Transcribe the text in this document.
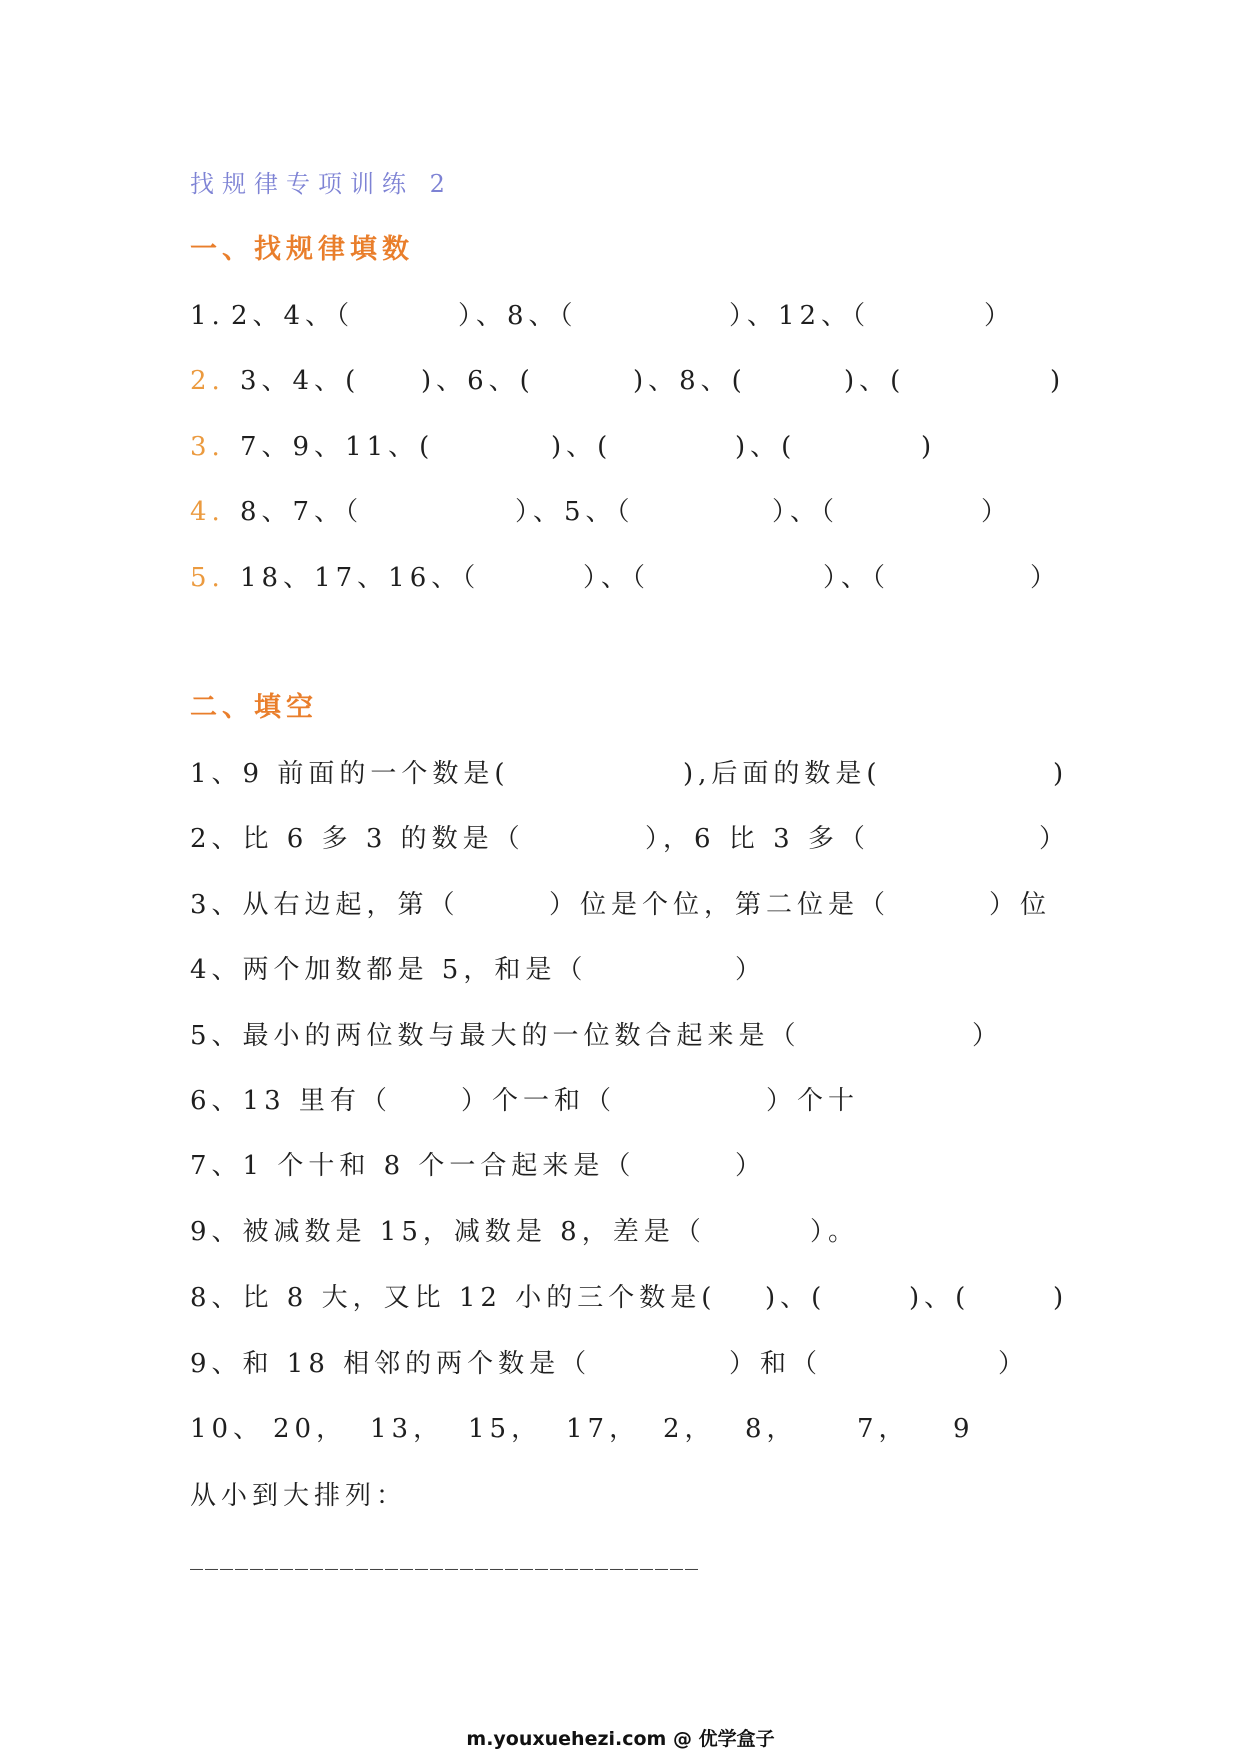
找规律专项训练 2
一、找规律填数
1. 2、4、（	）、8、（	）、12、（	）
2. 3、4、( )、6、(	)、8、(	)、(	)
3. 7、9、11、(	)、(	)、(	)
4. 8、7、（	）、5、（	）、（	）
5. 18、17、16、（	）、（	）、（	）
二、填空
1、9 前面的一个数是(	),后面的数是(	)
2、比 6 多 3 的数是（	），6 比 3 多（	）
3、从右边起，第（	）位是个位，第二位是（	）位
4、两个加数都是 5，和是（	）
5、最小的两位数与最大的一位数合起来是（	）
6、13 里有（	）个一和（	）个十
7、1 个十和 8 个一合起来是（	）
9、被减数是 15，减数是 8，差是（	）。
8、比 8 大，又比 12 小的三个数是( )、(	)、(	)
9、和 18 相邻的两个数是（	）和（	）
10、 20， 13， 15， 17， 2， 8， 7， 9
从小到大排列：
__________________________________
m.youxuehezi.com @ 优学盒子
